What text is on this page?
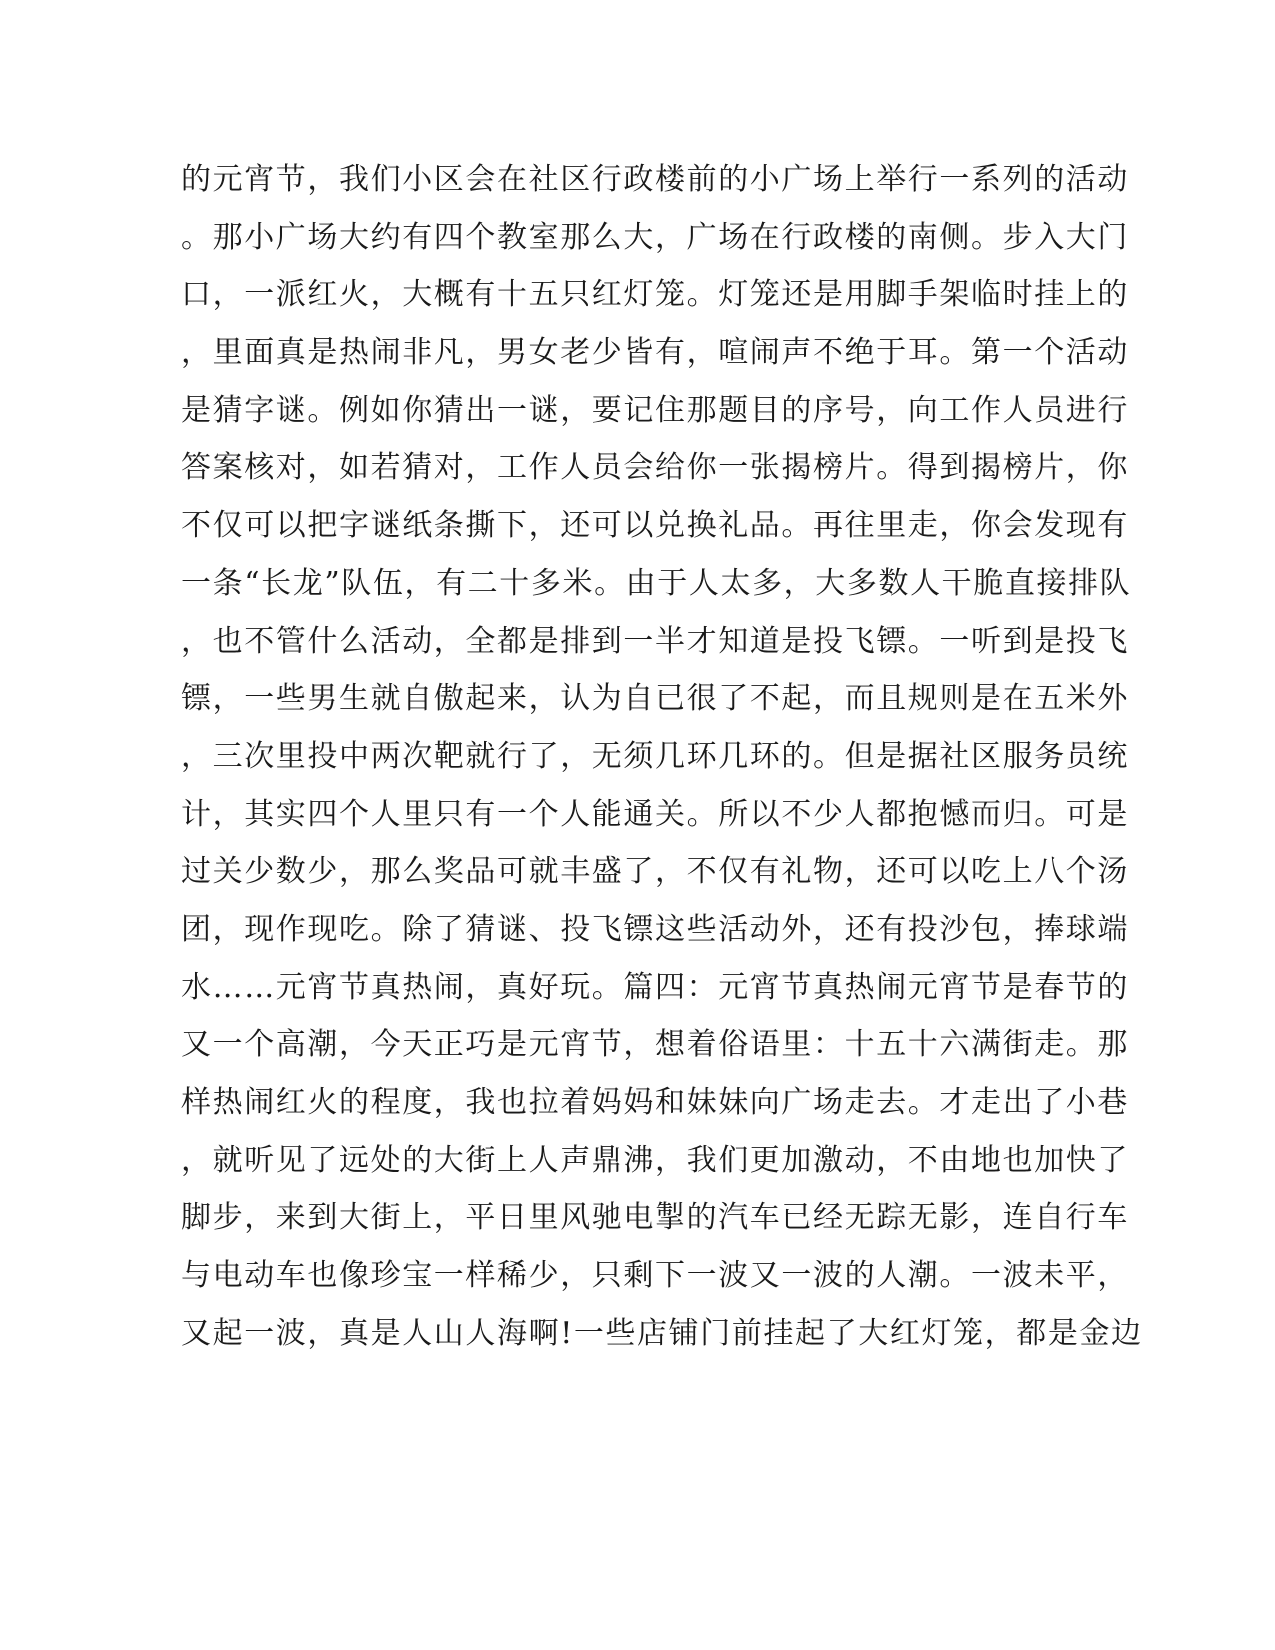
的元宵节，我们小区会在社区行政楼前的小广场上举行一系列的活动
。那小广场大约有四个教室那么大，广场在行政楼的南侧。步入大门
口，一派红火，大概有十五只红灯笼。灯笼还是用脚手架临时挂上的
，里面真是热闹非凡，男女老少皆有，喧闹声不绝于耳。第一个活动
是猜字谜。例如你猜出一谜，要记住那题目的序号，向工作人员进行
答案核对，如若猜对，工作人员会给你一张揭榜片。得到揭榜片，你
不仅可以把字谜纸条撕下，还可以兑换礼品。再往里走，你会发现有
一条“长龙”队伍，有二十多米。由于人太多，大多数人干脆直接排队
，也不管什么活动，全都是排到一半才知道是投飞镖。一听到是投飞
镖，一些男生就自傲起来，认为自已很了不起，而且规则是在五米外
，三次里投中两次靶就行了，无须几环几环的。但是据社区服务员统
计，其实四个人里只有一个人能通关。所以不少人都抱憾而归。可是
过关少数少，那么奖品可就丰盛了，不仅有礼物，还可以吃上八个汤
团，现作现吃。除了猜谜、投飞镖这些活动外，还有投沙包，捧球端
水……元宵节真热闹，真好玩。篇四：元宵节真热闹元宵节是春节的
又一个高潮，今天正巧是元宵节，想着俗语里：十五十六满街走。那
样热闹红火的程度，我也拉着妈妈和妹妹向广场走去。才走出了小巷
，就听见了远处的大街上人声鼎沸，我们更加激动，不由地也加快了
脚步，来到大街上，平日里风驰电掣的汽车已经无踪无影，连自行车
与电动车也像珍宝一样稀少，只剩下一波又一波的人潮。一波未平，
又起一波，真是人山人海啊!一些店铺门前挂起了大红灯笼，都是金边
